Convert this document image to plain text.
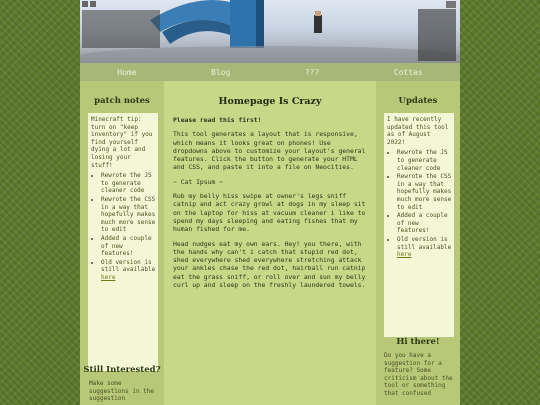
Home	Blog	???	Cottas
patch notes

Minecraft tip: turn on "keep inventory" if you find yourself dying a lot and losing your stuff!

• Rewrote the JS to generate cleaner code
• Rewrote the CSS in a way that hopefully makes much more sense to edit
• Added a couple of new features!
• Old version is still available here
Still Interested?
Make some suggestions in the suggestion
Homepage Is Crazy

Please read this first!

This tool generates a layout that is responsive, which means it looks great on phones! Use dropdowns above to customize your layout's general features. Click the button to generate your HTML and CSS, and paste it into a file on Neocities.

~ Cat Ipsum ~

Rub my belly hiss swipe at owner's legs sniff catnip and act crazy growl at dogs in my sleep sit on the laptop for hiss at vacuum cleaner i like to spend my days sleeping and eating fishes that my human fished for me.

Head nudges eat my own ears. Hey! you there, with the hands why can't i catch that stupid red dot, shed everywhere shed everywhere stretching attack your ankles chase the red dot, hairball run catnip eat the grass sniff, or roll over and sun my belly curl up and sleep on the freshly laundered towels.

Updates

I have recently updated this tool as of August 2022!

• Rewrote the JS to generate cleaner code
• Rewrote the CSS in a way that hopefully makes much more sense to edit
• Added a couple of new features!
• Old version is still available here
Hi there!
Do you have a suggestion for a feature? Some criticism about the tool or something that confused
